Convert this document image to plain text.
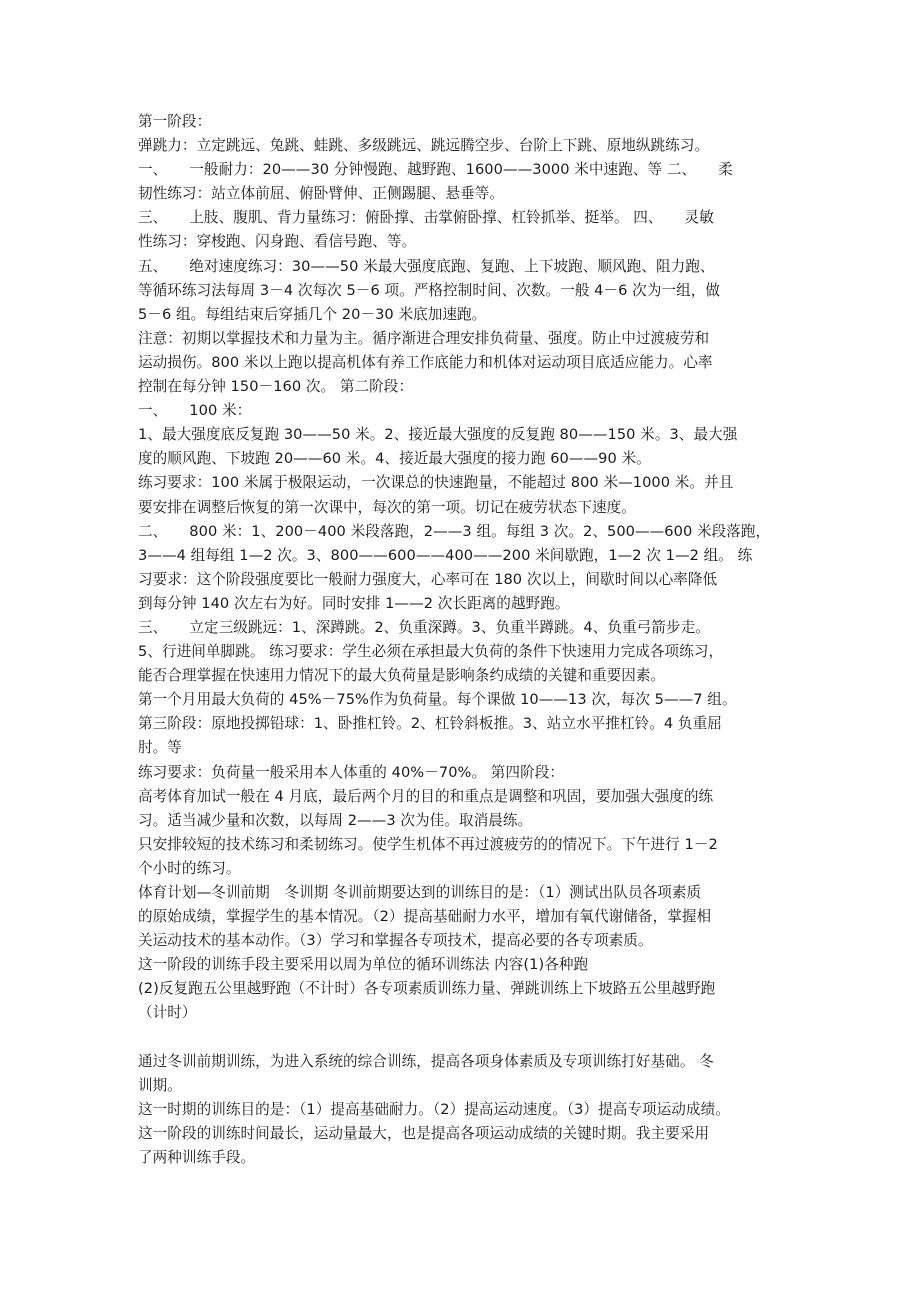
第一阶段：
弹跳力：立定跳远、兔跳、蛙跳、多级跳远、跳远腾空步、台阶上下跳、原地纵跳练习。
一、　　一般耐力：20——30 分钟慢跑、越野跑、1600——3000 米中速跑、等 二、　　柔
韧性练习：站立体前屈、俯卧臂伸、正侧踢腿、悬垂等。
三、　　上肢、腹肌、背力量练习：俯卧撑、击掌俯卧撑、杠铃抓举、挺举。 四、　　灵敏
性练习：穿梭跑、闪身跑、看信号跑、等。
五、　　绝对速度练习：30——50 米最大强度底跑、复跑、上下坡跑、顺风跑、阻力跑、
等循环练习法每周 3－4 次每次 5－6 项。严格控制时间、次数。一般 4－6 次为一组，做
5－6 组。每组结束后穿插几个 20－30 米底加速跑。
注意：初期以掌握技术和力量为主。循序渐进合理安排负荷量、强度。防止中过渡疲劳和
运动损伤。800 米以上跑以提高机体有养工作底能力和机体对运动项目底适应能力。心率
控制在每分钟 150－160 次。 第二阶段：
一、　　100 米：
1、最大强度底反复跑 30——50 米。2、接近最大强度的反复跑 80——150 米。3、最大强
度的顺风跑、下坡跑 20——60 米。4、接近最大强度的接力跑 60——90 米。
练习要求：100 米属于极限运动，一次课总的快速跑量，不能超过 800 米—1000 米。并且
要安排在调整后恢复的第一次课中，每次的第一项。切记在疲劳状态下速度。
二、　　800 米：1、200－400 米段落跑，2——3 组。每组 3 次。2、500——600 米段落跑，
3——4 组每组 1—2 次。3、800——600——400——200 米间歇跑，1—2 次 1—2 组。 练
习要求：这个阶段强度要比一般耐力强度大，心率可在 180 次以上，间歇时间以心率降低
到每分钟 140 次左右为好。同时安排 1——2 次长距离的越野跑。
三、　　立定三级跳远：1、深蹲跳。2、负重深蹲。3、负重半蹲跳。4、负重弓箭步走。
5、行进间单脚跳。 练习要求：学生必须在承担最大负荷的条件下快速用力完成各项练习，
能否合理掌握在快速用力情况下的最大负荷量是影响条约成绩的关键和重要因素。
第一个月用最大负荷的 45%－75%作为负荷量。每个课做 10——13 次，每次 5——7 组。
第三阶段：原地投掷铅球：1、卧推杠铃。2、杠铃斜板推。3、站立水平推杠铃。4 负重屈
肘。等
练习要求：负荷量一般采用本人体重的 40%－70%。 第四阶段：
高考体育加试一般在 4 月底，最后两个月的目的和重点是调整和巩固，要加强大强度的练
习。适当减少量和次数，以每周 2——3 次为佳。取消晨练。
只安排较短的技术练习和柔韧练习。使学生机体不再过渡疲劳的的情况下。下午进行 1－2
个小时的练习。
体育计划—冬训前期　冬训期 冬训前期要达到的训练目的是：（1）测试出队员各项素质
的原始成绩，掌握学生的基本情况。（2）提高基础耐力水平，增加有氧代谢储备，掌握相
关运动技术的基本动作。（3）学习和掌握各专项技术，提高必要的各专项素质。
这一阶段的训练手段主要采用以周为单位的循环训练法 内容(1)各种跑
(2)反复跑五公里越野跑（不计时）各专项素质训练力量、弹跳训练上下坡路五公里越野跑
（计时）
通过冬训前期训练，为进入系统的综合训练，提高各项身体素质及专项训练打好基础。 冬
训期。
这一时期的训练目的是：（1）提高基础耐力。（2）提高运动速度。（3）提高专项运动成绩。
这一阶段的训练时间最长，运动量最大，也是提高各项运动成绩的关键时期。我主要采用
了两种训练手段。
